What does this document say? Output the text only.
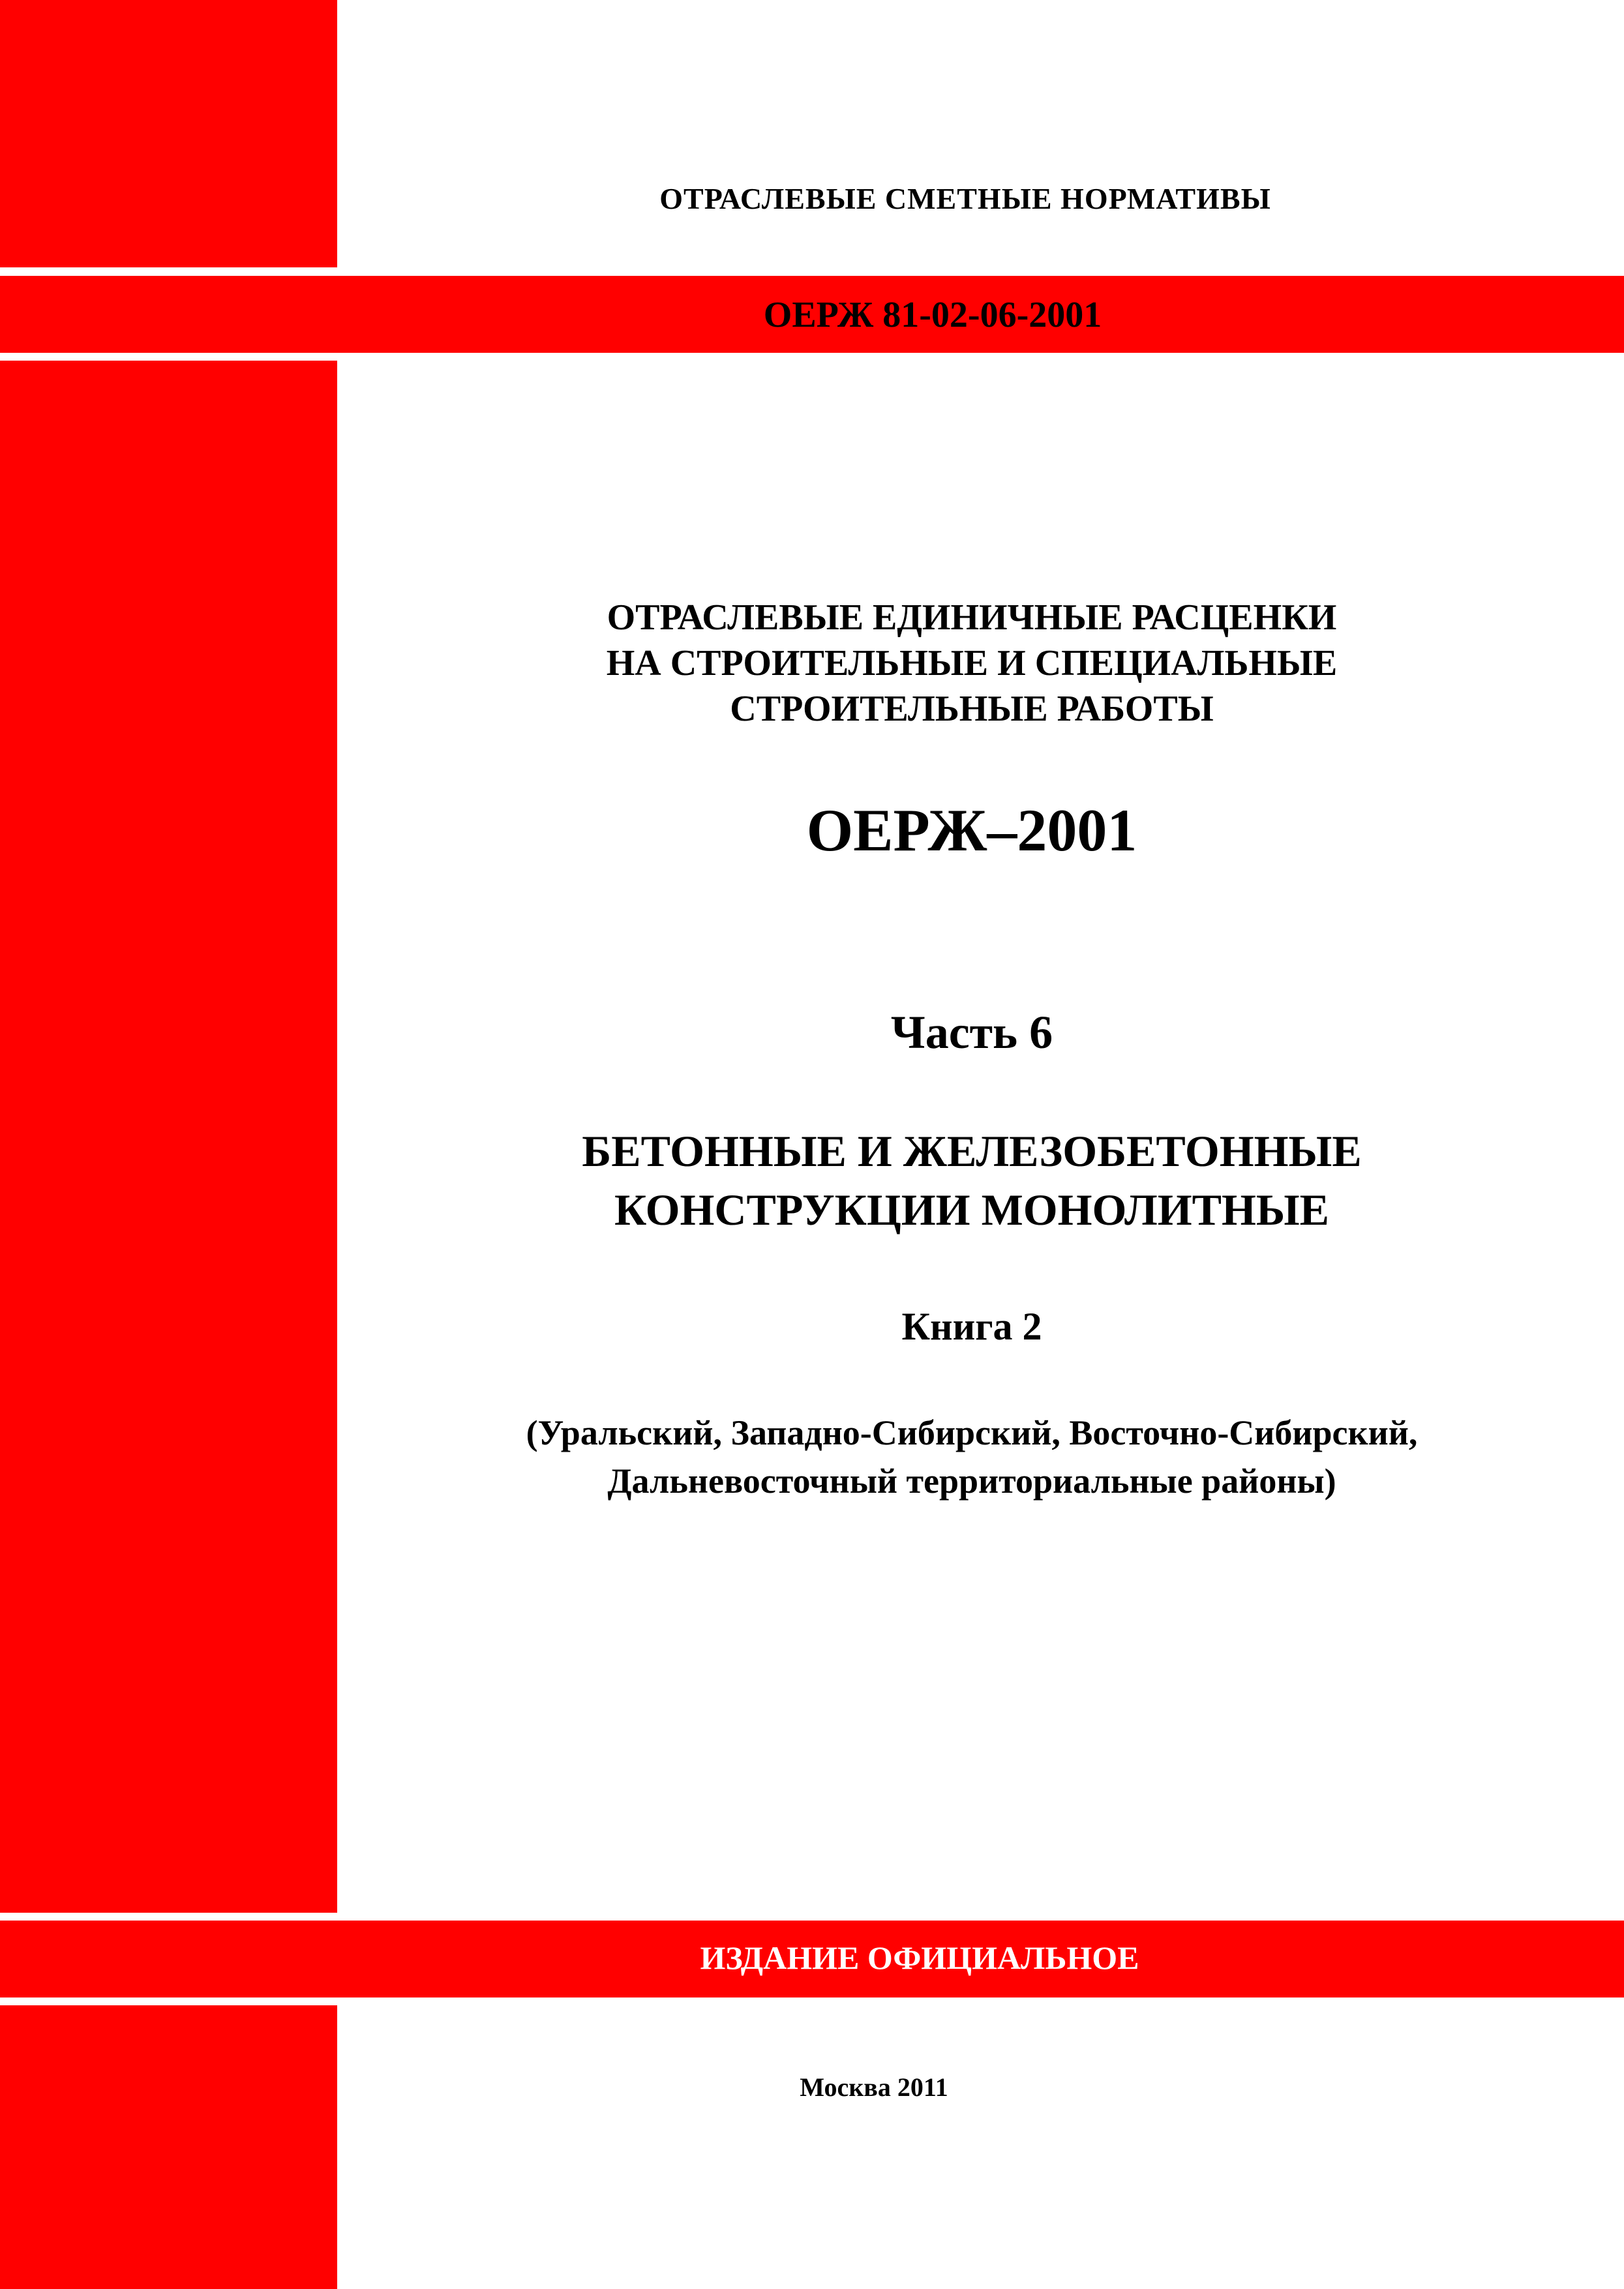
ОТРАСЛЕВЫЕ СМЕТНЫЕ НОРМАТИВЫ
ОЕРЖ 81-02-06-2001
ОТРАСЛЕВЫЕ ЕДИНИЧНЫЕ РАСЦЕНКИ
НА СТРОИТЕЛЬНЫЕ И СПЕЦИАЛЬНЫЕ
СТРОИТЕЛЬНЫЕ РАБОТЫ
ОЕРЖ–2001
Часть 6
БЕТОННЫЕ И ЖЕЛЕЗОБЕТОННЫЕ
КОНСТРУКЦИИ МОНОЛИТНЫЕ
Книга 2
(Уральский, Западно-Сибирский, Восточно-Сибирский,
Дальневосточный территориальные районы)
ИЗДАНИЕ ОФИЦИАЛЬНОЕ
Москва 2011
